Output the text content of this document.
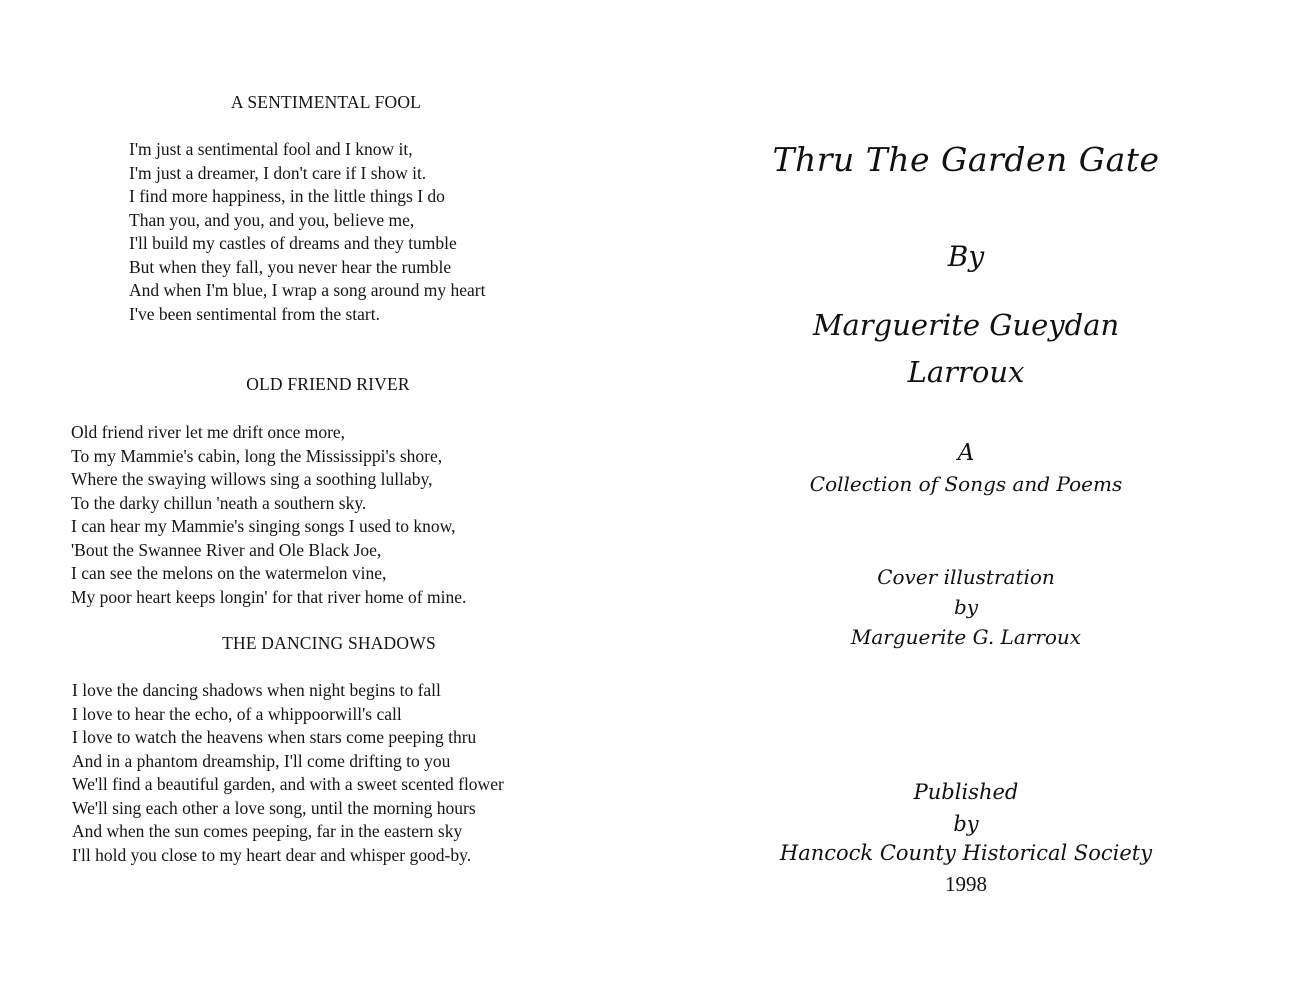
A SENTIMENTAL FOOL
I'm just a sentimental fool and I know it,
I'm just a dreamer, I don't care if I show it.
I find more happiness, in the little things I do
Than you, and you, and you, believe me,
I'll build my castles of dreams and they tumble
But when they fall, you never hear the rumble
And when I'm blue, I wrap a song around my heart
I've been sentimental from the start.
OLD FRIEND RIVER
Old friend river let me drift once more,
To my Mammie's cabin, long the Mississippi's shore,
Where the swaying willows sing a soothing lullaby,
To the darky chillun 'neath a southern sky.
I can hear my Mammie's singing songs I used to know,
'Bout the Swannee River and Ole Black Joe,
I can see the melons on the watermelon vine,
My poor heart keeps longin' for that river home of mine.
THE DANCING SHADOWS
I love the dancing shadows when night begins to fall
I love to hear the echo, of a whippoorwill's call
I love to watch the heavens when stars come peeping thru
And in a phantom dreamship, I'll come drifting to you
We'll find a beautiful garden, and with a sweet scented flower
We'll sing each other a love song, until the morning hours
And when the sun comes peeping, far in the eastern sky
I'll hold you close to my heart dear and whisper good-by.
Thru The Garden Gate
By
Marguerite Gueydan
Larroux
A
Collection of Songs and Poems
Cover illustration
by
Marguerite G. Larroux
Published
by
Hancock County Historical Society
1998
